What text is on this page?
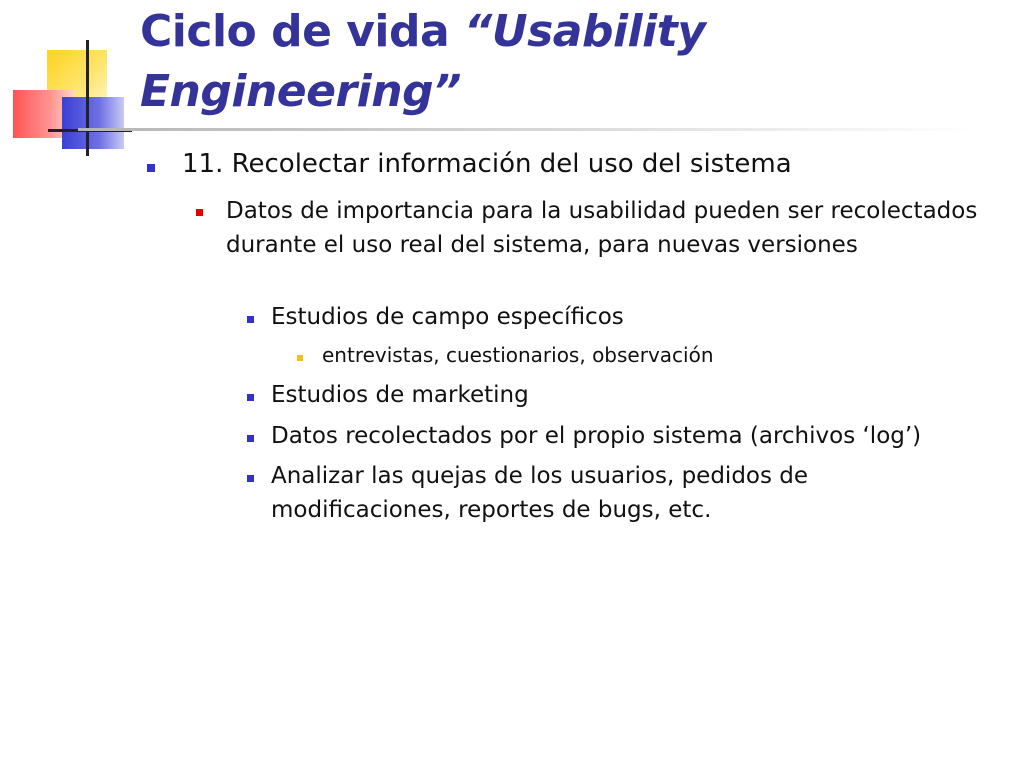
Ciclo de vida “Usability Engineering”
11. Recolectar información del uso del sistema
Datos de importancia para la usabilidad pueden ser recolectados durante el uso real del sistema, para nuevas versiones
Estudios de campo específicos
entrevistas, cuestionarios, observación
Estudios de marketing
Datos recolectados por el propio sistema (archivos ‘log’)
Analizar las quejas de los usuarios, pedidos de modificaciones, reportes de bugs, etc.
